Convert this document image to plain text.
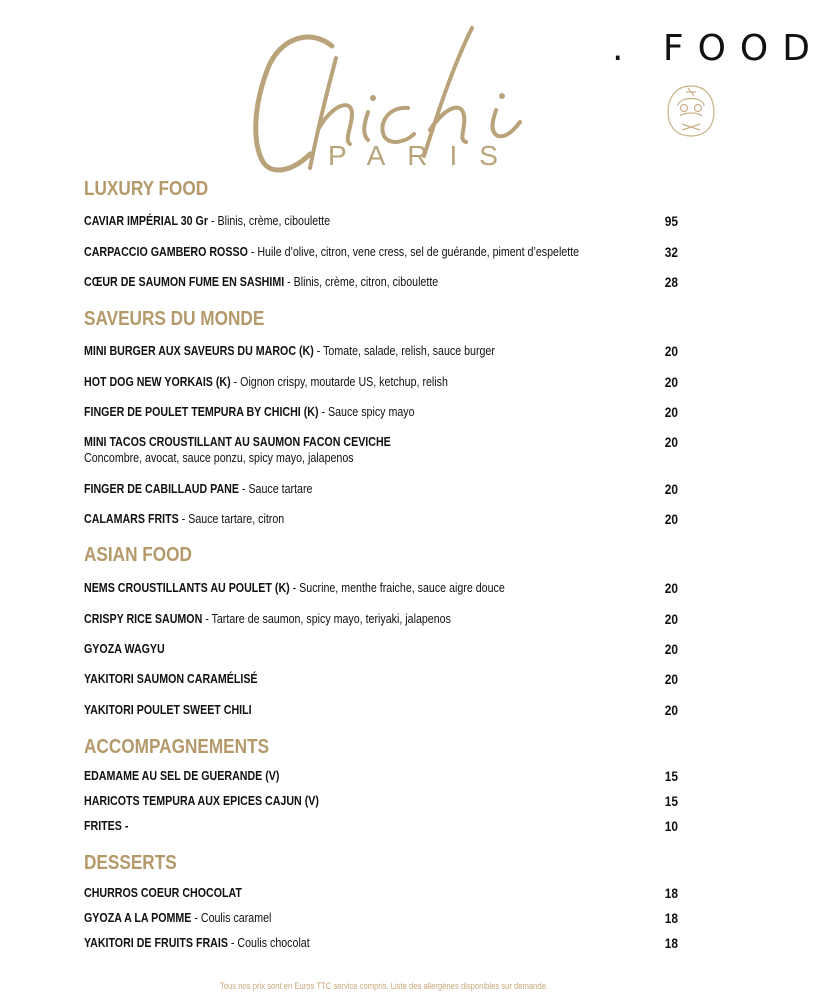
PARIS
. FOOD
LUXURY FOOD
CAVIAR IMPÉRIAL 30 Gr - Blinis, crème, ciboulette	95
CARPACCIO GAMBERO ROSSO - Huile d’olive, citron, vene cress, sel de guérande, piment d’espelette	32
CŒUR DE SAUMON FUME EN SASHIMI - Blinis, crème, citron, ciboulette	28
SAVEURS DU MONDE
MINI BURGER AUX SAVEURS DU MAROC (K) - Tomate, salade, relish, sauce burger	20
HOT DOG NEW YORKAIS (K) - Oignon crispy, moutarde US, ketchup, relish	20
FINGER DE POULET TEMPURA BY CHICHI (K) - Sauce spicy mayo	20
MINI TACOS CROUSTILLANT AU SAUMON FACON CEVICHE
Concombre, avocat, sauce ponzu, spicy mayo, jalapenos
20
FINGER DE CABILLAUD PANE - Sauce tartare	20
CALAMARS FRITS - Sauce tartare, citron	20
ASIAN FOOD
NEMS CROUSTILLANTS AU POULET (K) - Sucrine, menthe fraiche, sauce aigre douce	20
CRISPY RICE SAUMON - Tartare de saumon, spicy mayo, teriyaki, jalapenos	20
GYOZA WAGYU	20
YAKITORI SAUMON CARAMÉLISÉ	20
YAKITORI POULET SWEET CHILI	20
ACCOMPAGNEMENTS
EDAMAME AU SEL DE GUERANDE (V)	15
HARICOTS TEMPURA AUX EPICES CAJUN (V)	15
FRITES -	10
DESSERTS
CHURROS COEUR CHOCOLAT	18
GYOZA A LA POMME - Coulis caramel	18
YAKITORI DE FRUITS FRAIS - Coulis chocolat	18
Tous nos prix sont en Euros TTC service compris. Liste des allergènes disponibles sur demande.
